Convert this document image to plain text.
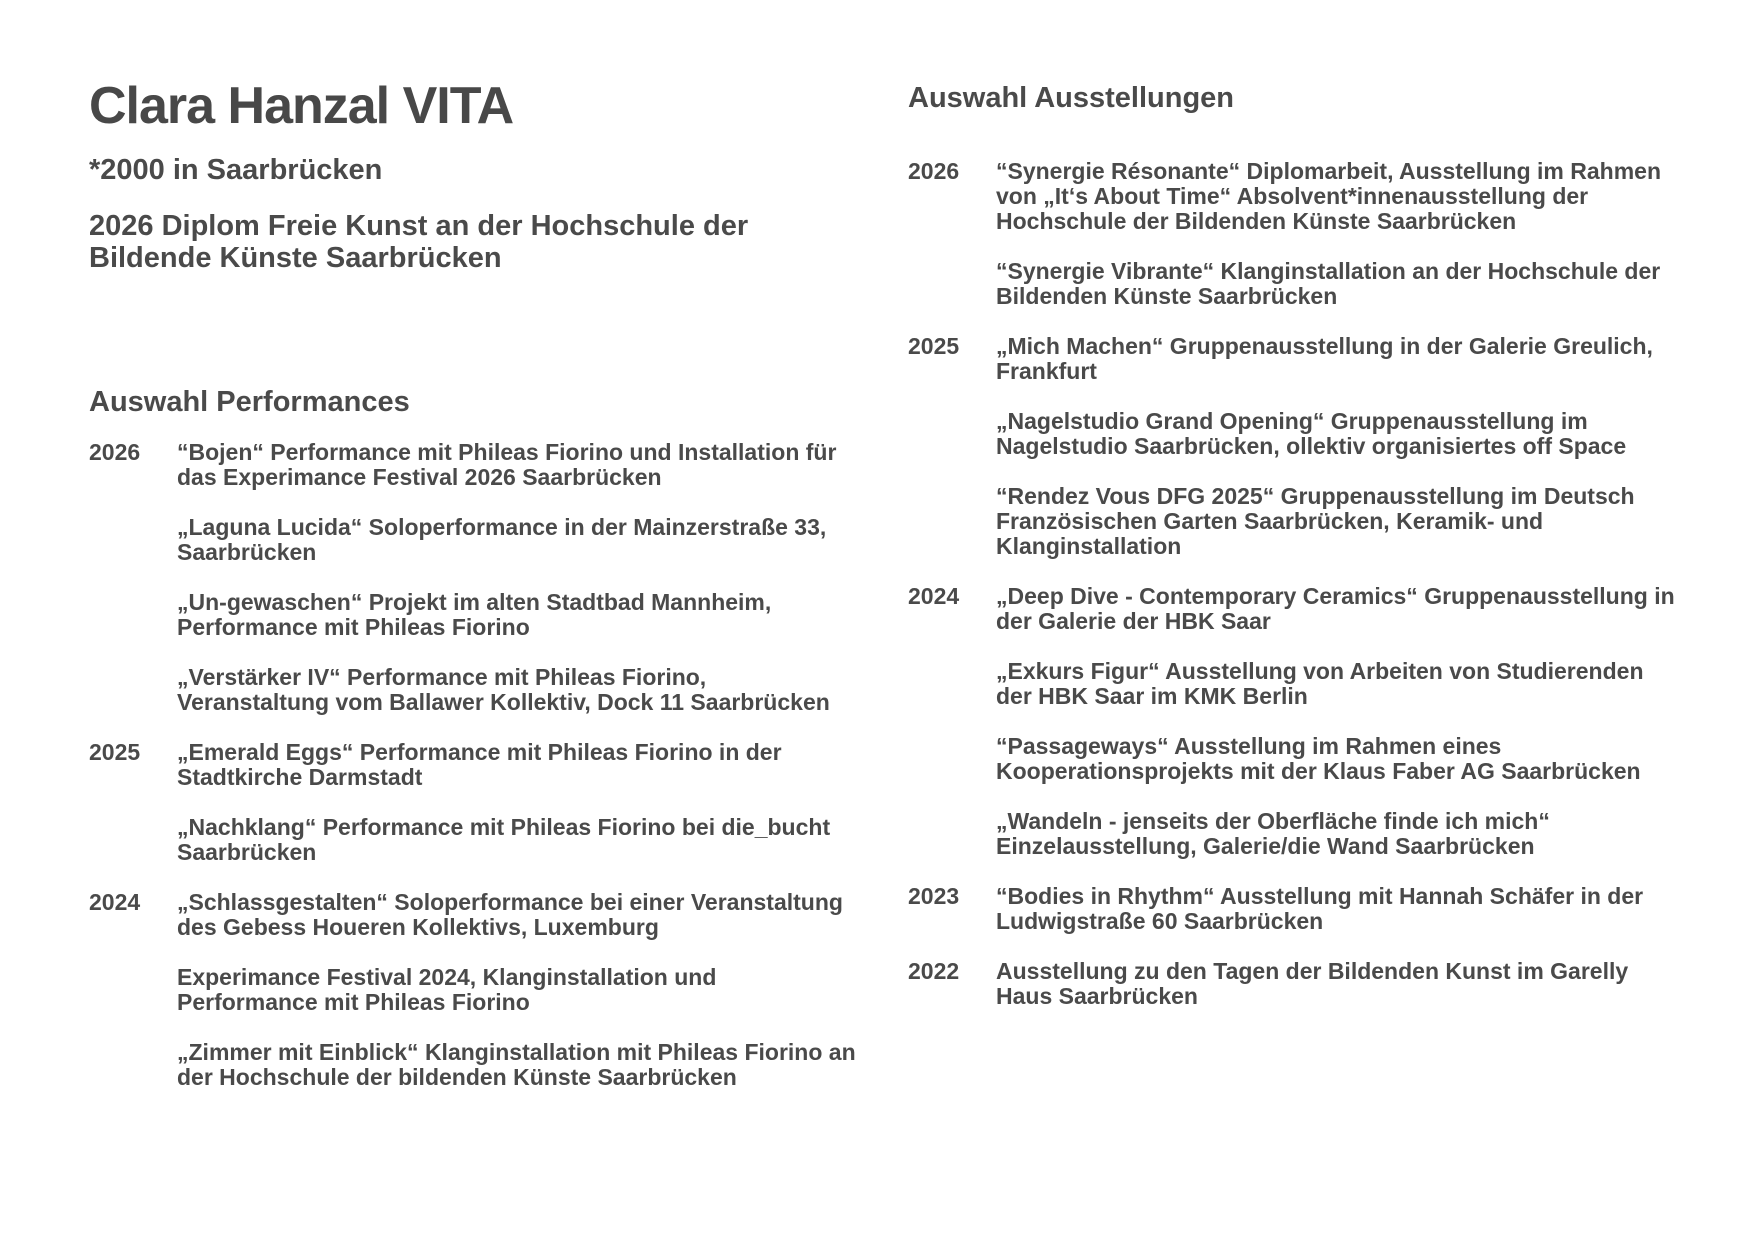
Clara Hanzal VITA

*2000 in Saarbrücken

2026 Diplom Freie Kunst an der Hochschule der Bildende Künste Saarbrücken

Auswahl Performances
2026 “Bojen“ Performance mit Phileas Fiorino und Installation für das Experimance Festival 2026 Saarbrücken

„Laguna Lucida“ Soloperformance in der Mainzerstraße 33, Saarbrücken

„Un-gewaschen“ Projekt im alten Stadtbad Mannheim, Performance mit Phileas Fiorino

„Verstärker IV“ Performance mit Phileas Fiorino, Veranstaltung vom Ballawer Kollektiv, Dock 11 Saarbrücken

2025 „Emerald Eggs“ Performance mit Phileas Fiorino in der Stadtkirche Darmstadt

„Nachklang“ Performance mit Phileas Fiorino bei die_bucht Saarbrücken

2024 „Schlassgestalten“ Soloperformance bei einer Veranstaltung des Gebess Houeren Kollektivs, Luxemburg

Experimance Festival 2024, Klanginstallation und Performance mit Phileas Fiorino

„Zimmer mit Einblick“ Klanginstallation mit Phileas Fiorino an der Hochschule der bildenden Künste Saarbrücken

Auswahl Ausstellungen
2026 “Synergie Résonante“ Diplomarbeit, Ausstellung im Rahmen von „It‘s About Time“ Absolvent*innenausstellung der Hochschule der Bildenden Künste Saarbrücken

“Synergie Vibrante“ Klanginstallation an der Hochschule der Bildenden Künste Saarbrücken

2025 „Mich Machen“ Gruppenausstellung in der Galerie Greulich, Frankfurt

„Nagelstudio Grand Opening“ Gruppenausstellung im Nagelstudio Saarbrücken, ollektiv organisiertes off Space

“Rendez Vous DFG 2025“ Gruppenausstellung im Deutsch Französischen Garten Saarbrücken, Keramik- und Klanginstallation

2024 „Deep Dive - Contemporary Ceramics“ Gruppenausstellung in der Galerie der HBK Saar

„Exkurs Figur“ Ausstellung von Arbeiten von Studierenden der HBK Saar im KMK Berlin

“Passageways“ Ausstellung im Rahmen eines Kooperationsprojekts mit der Klaus Faber AG Saarbrücken

„Wandeln - jenseits der Oberfläche finde ich mich“ Einzelausstellung, Galerie/die Wand Saarbrücken

2023 “Bodies in Rhythm“ Ausstellung mit Hannah Schäfer in der Ludwigstraße 60 Saarbrücken

2022 Ausstellung zu den Tagen der Bildenden Kunst im Garelly Haus Saarbrücken
